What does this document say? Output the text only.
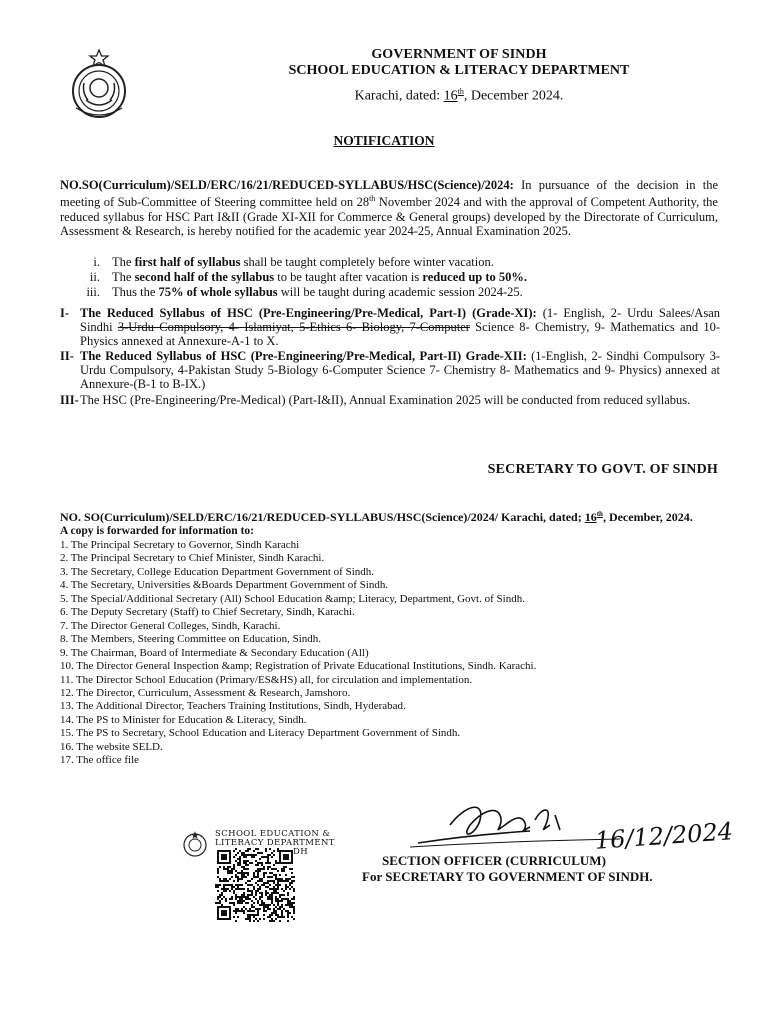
GOVERNMENT OF SINDH
SCHOOL EDUCATION & LITERACY DEPARTMENT
Karachi, dated: 16th, December 2024.
NOTIFICATION
NO.SO(Curriculum)/SELD/ERC/16/21/REDUCED-SYLLABUS/HSC(Science)/2024: In pursuance of the decision in the meeting of Sub-Committee of Steering committee held on 28th November 2024 and with the approval of Competent Authority, the reduced syllabus for HSC Part I&II (Grade XI-XII for Commerce & General groups) developed by the Directorate of Curriculum, Assessment & Research, is hereby notified for the academic year 2024-25, Annual Examination 2025.
i. The first half of syllabus shall be taught completely before winter vacation.
ii. The second half of the syllabus to be taught after vacation is reduced up to 50%.
iii. Thus the 75% of whole syllabus will be taught during academic session 2024-25.
I- The Reduced Syllabus of HSC (Pre-Engineering/Pre-Medical, Part-I) (Grade-XI): (1- English, 2- Urdu Salees/Asan Sindhi 3-Urdu Compulsory, 4- Islamiyat, 5-Ethics 6- Biology, 7-Computer Science 8- Chemistry, 9- Mathematics and 10- Physics annexed at Annexure-A-1 to X.
II- The Reduced Syllabus of HSC (Pre-Engineering/Pre-Medical, Part-II) Grade-XII: (1-English, 2- Sindhi Compulsory 3-Urdu Compulsory, 4-Pakistan Study 5-Biology 6-Computer Science 7- Chemistry 8- Mathematics and 9- Physics) annexed at Annexure-(B-1 to B-IX.)
III- The HSC (Pre-Engineering/Pre-Medical) (Part-I&II), Annual Examination 2025 will be conducted from reduced syllabus.
SECRETARY TO GOVT. OF SINDH
NO. SO(Curriculum)/SELD/ERC/16/21/REDUCED-SYLLABUS/HSC(Science)/2024/ Karachi, dated; 16th, December, 2024.
A copy is forwarded for information to:
1. The Principal Secretary to Governor, Sindh Karachi
2. The Principal Secretary to Chief Minister, Sindh Karachi.
3. The Secretary, College Education Department Government of Sindh.
4. The Secretary, Universities &Boards Department Government of Sindh.
5. The Special/Additional Secretary (All) School Education &amp; Literacy, Department, Govt. of Sindh.
6. The Deputy Secretary (Staff) to Chief Secretary, Sindh, Karachi.
7. The Director General Colleges, Sindh, Karachi.
8. The Members, Steering Committee on Education, Sindh.
9. The Chairman, Board of Intermediate & Secondary Education (All)
10. The Director General Inspection &amp; Registration of Private Educational Institutions, Sindh. Karachi.
11. The Director School Education (Primary/ES&HS) all, for circulation and implementation.
12. The Director, Curriculum, Assessment & Research, Jamshoro.
13. The Additional Director, Teachers Training Institutions, Sindh, Hyderabad.
14. The PS to Minister for Education & Literacy, Sindh.
15. The PS to Secretary, School Education and Literacy Department Government of Sindh.
16. The website SELD.
17. The office file
SCHOOL EDUCATION &
LITERACY DEPARTMENT
DH	16/12/2024
SECTION OFFICER (CURRICULUM)
For SECRETARY TO GOVERNMENT OF SINDH.
